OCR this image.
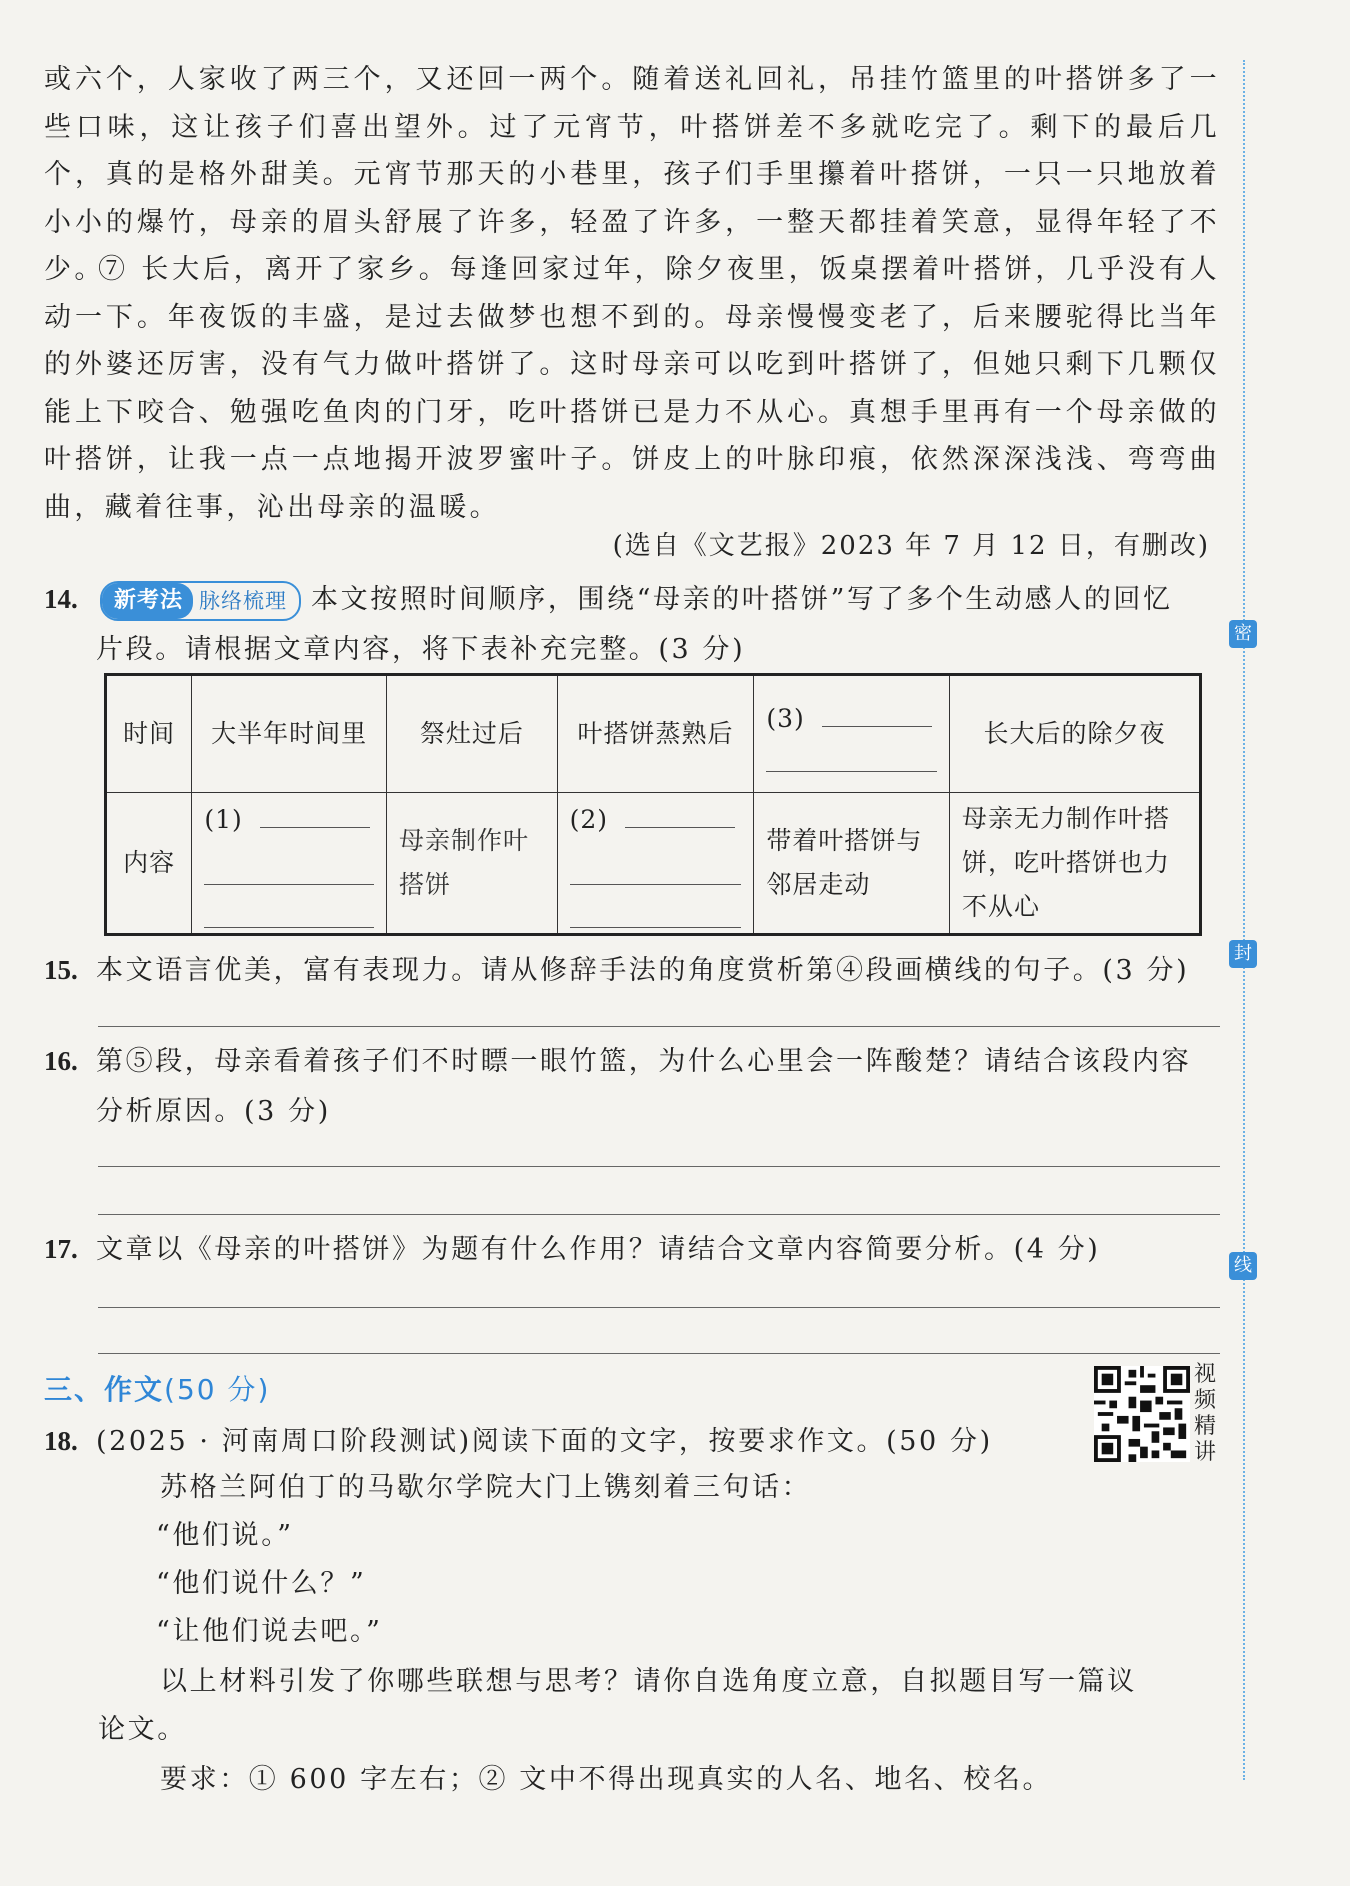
或六个，人家收了两三个，又还回一两个。随着送礼回礼，吊挂竹篮里的叶搭饼多了一些口味，这让孩子们喜出望外。过了元宵节，叶搭饼差不多就吃完了。剩下的最后几个，真的是格外甜美。元宵节那天的小巷里，孩子们手里攥着叶搭饼，一只一只地放着小小的爆竹，母亲的眉头舒展了许多，轻盈了许多，一整天都挂着笑意，显得年轻了不少。

⑦ 长大后，离开了家乡。每逢回家过年，除夕夜里，饭桌摆着叶搭饼，几乎没有人动一下。年夜饭的丰盛，是过去做梦也想不到的。母亲慢慢变老了，后来腰驼得比当年的外婆还厉害，没有气力做叶搭饼了。这时母亲可以吃到叶搭饼了，但她只剩下几颗仅能上下咬合、勉强吃鱼肉的门牙，吃叶搭饼已是力不从心。真想手里再有一个母亲做的叶搭饼，让我一点一点地揭开波罗蜜叶子。饼皮上的叶脉印痕，依然深深浅浅、弯弯曲曲，藏着往事，沁出母亲的温暖。

(选自《文艺报》2023 年 7 月 12 日，有删改)
14.	新考法 脉络梳理 本文按照时间顺序，围绕“母亲的叶搭饼”写了多个生动感人的回忆
片段。请根据文章内容，将下表补充完整。(3 分)
时间	大半年时间里	祭灶过后	叶搭饼蒸熟后	(3)	长大后的除夕夜
内容	(1)	母亲制作叶搭饼	(2)	带着叶搭饼与邻居走动	母亲无力制作叶搭饼，吃叶搭饼也力不从心
15. 本文语言优美，富有表现力。请从修辞手法的角度赏析第④段画横线的句子。(3 分)
16. 第⑤段，母亲看着孩子们不时瞟一眼竹篮，为什么心里会一阵酸楚？请结合该段内容
分析原因。(3 分)
17. 文章以《母亲的叶搭饼》为题有什么作用？请结合文章内容简要分析。(4 分)
三、作文(50 分)
18. (2025 · 河南周口阶段测试)阅读下面的文字，按要求作文。(50 分)
苏格兰阿伯丁的马歇尔学院大门上镌刻着三句话：
“他们说。”
“他们说什么？”
“让他们说去吧。”
以上材料引发了你哪些联想与思考？请你自选角度立意，自拟题目写一篇议
论文。
要求：① 600 字左右；② 文中不得出现真实的人名、地名、校名。
视频精讲
密
封
线
